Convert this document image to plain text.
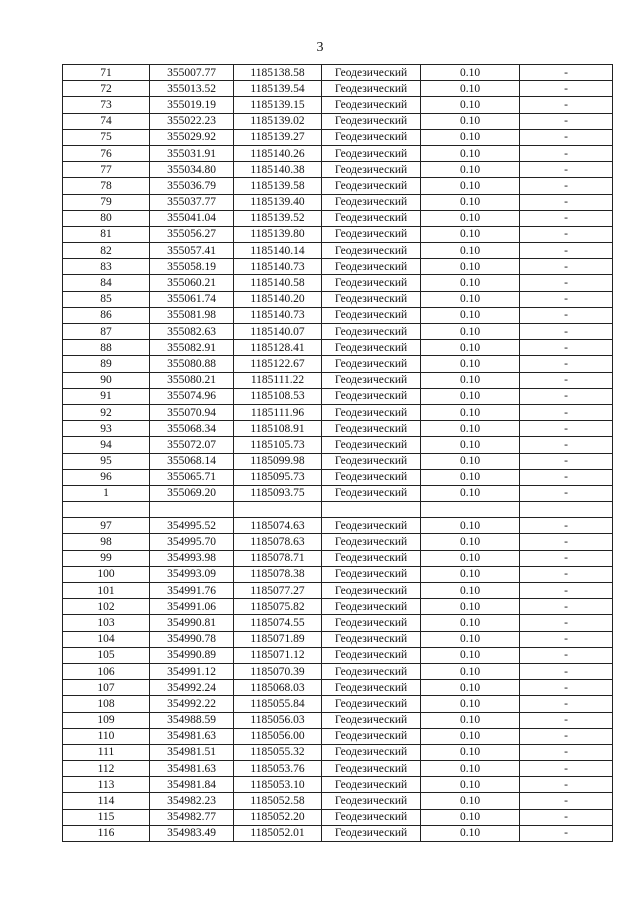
3
71	355007.77	1185138.58	Геодезический	0.10	-
72	355013.52	1185139.54	Геодезический	0.10	-
73	355019.19	1185139.15	Геодезический	0.10	-
74	355022.23	1185139.02	Геодезический	0.10	-
75	355029.92	1185139.27	Геодезический	0.10	-
76	355031.91	1185140.26	Геодезический	0.10	-
77	355034.80	1185140.38	Геодезический	0.10	-
78	355036.79	1185139.58	Геодезический	0.10	-
79	355037.77	1185139.40	Геодезический	0.10	-
80	355041.04	1185139.52	Геодезический	0.10	-
81	355056.27	1185139.80	Геодезический	0.10	-
82	355057.41	1185140.14	Геодезический	0.10	-
83	355058.19	1185140.73	Геодезический	0.10	-
84	355060.21	1185140.58	Геодезический	0.10	-
85	355061.74	1185140.20	Геодезический	0.10	-
86	355081.98	1185140.73	Геодезический	0.10	-
87	355082.63	1185140.07	Геодезический	0.10	-
88	355082.91	1185128.41	Геодезический	0.10	-
89	355080.88	1185122.67	Геодезический	0.10	-
90	355080.21	1185111.22	Геодезический	0.10	-
91	355074.96	1185108.53	Геодезический	0.10	-
92	355070.94	1185111.96	Геодезический	0.10	-
93	355068.34	1185108.91	Геодезический	0.10	-
94	355072.07	1185105.73	Геодезический	0.10	-
95	355068.14	1185099.98	Геодезический	0.10	-
96	355065.71	1185095.73	Геодезический	0.10	-
1	355069.20	1185093.75	Геодезический	0.10	-

97	354995.52	1185074.63	Геодезический	0.10	-
98	354995.70	1185078.63	Геодезический	0.10	-
99	354993.98	1185078.71	Геодезический	0.10	-
100	354993.09	1185078.38	Геодезический	0.10	-
101	354991.76	1185077.27	Геодезический	0.10	-
102	354991.06	1185075.82	Геодезический	0.10	-
103	354990.81	1185074.55	Геодезический	0.10	-
104	354990.78	1185071.89	Геодезический	0.10	-
105	354990.89	1185071.12	Геодезический	0.10	-
106	354991.12	1185070.39	Геодезический	0.10	-
107	354992.24	1185068.03	Геодезический	0.10	-
108	354992.22	1185055.84	Геодезический	0.10	-
109	354988.59	1185056.03	Геодезический	0.10	-
110	354981.63	1185056.00	Геодезический	0.10	-
111	354981.51	1185055.32	Геодезический	0.10	-
112	354981.63	1185053.76	Геодезический	0.10	-
113	354981.84	1185053.10	Геодезический	0.10	-
114	354982.23	1185052.58	Геодезический	0.10	-
115	354982.77	1185052.20	Геодезический	0.10	-
116	354983.49	1185052.01	Геодезический	0.10	-
